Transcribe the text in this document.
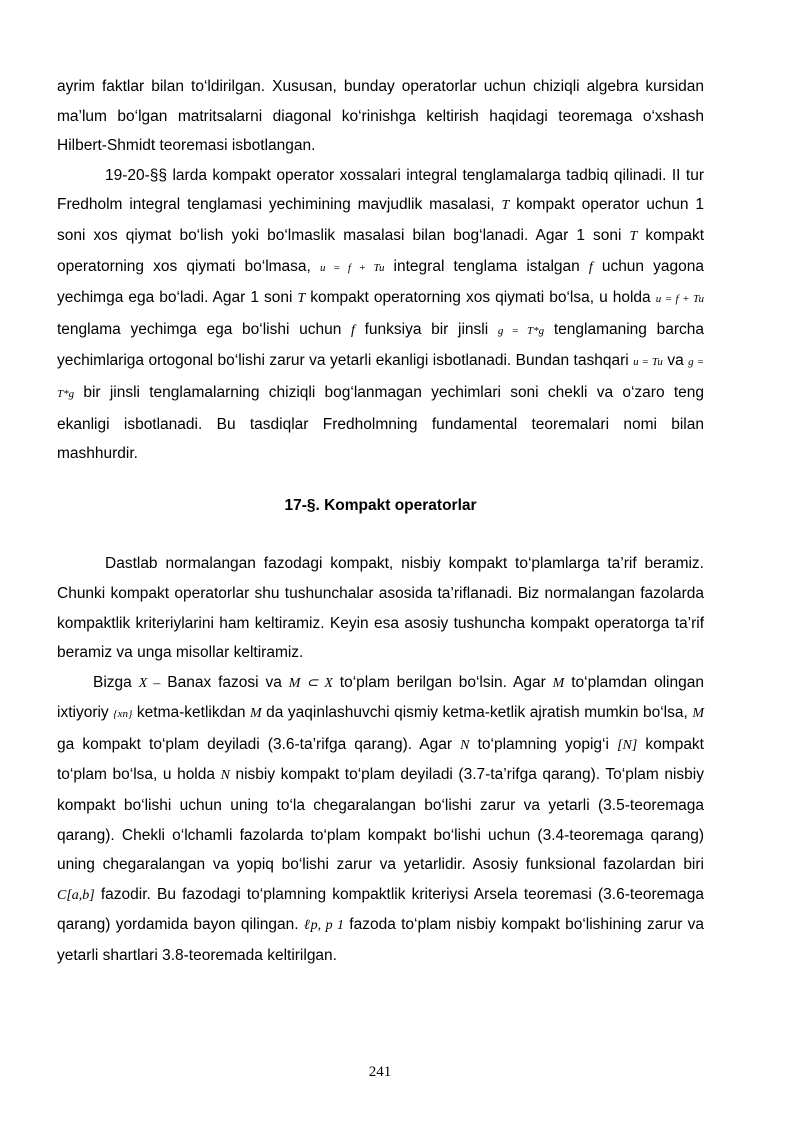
ayrim faktlar bilan to‘ldirilgan. Xususan, bunday operatorlar uchun chiziqli algebra kursidan ma’lum bo‘lgan matritsalarni diagonal ko‘rinishga keltirish haqidagi teoremaga o‘xshash Hilbert-Shmidt teoremasi isbotlangan.

19-20-§§ larda kompakt operator xossalari integral tenglamalarga tadbiq qilinadi. II tur Fredholm integral tenglamasi yechimining mavjudlik masalasi, T kompakt operator uchun 1 soni xos qiymat bo‘lish yoki bo‘lmaslik masalasi bilan bog‘lanadi. Agar 1 soni T kompakt operatorning xos qiymati bo‘lmasa, u = f + Tu integral tenglama istalgan f uchun yagona yechimga ega bo‘ladi. Agar 1 soni T kompakt operatorning xos qiymati bo‘lsa, u holda u = f + Tu tenglama yechimga ega bo‘lishi uchun f funksiya bir jinsli g = T*g tenglamaning barcha yechimlariga ortogonal bo‘lishi zarur va yetarli ekanligi isbotlanadi. Bundan tashqari u = Tu va g = T*g bir jinsli tenglamalarning chiziqli bog‘lanmagan yechimlari soni chekli va o‘zaro teng ekanligi isbotlanadi. Bu tasdiqlar Fredholmning fundamental teoremalari nomi bilan mashhurdir.

17-§. Kompakt operatorlar

Dastlab normalangan fazodagi kompakt, nisbiy kompakt to‘plamlarga ta’rif beramiz. Chunki kompakt operatorlar shu tushunchalar asosida ta’riflanadi. Biz normalangan fazolarda kompaktlik kriteriylarini ham keltiramiz. Keyin esa asosiy tushuncha kompakt operatorga ta’rif beramiz va unga misollar keltiramiz.

Bizga X – Banax fazosi va M ⊂ X to‘plam berilgan bo‘lsin. Agar M to‘plamdan olingan ixtiyoriy {xn} ketma-ketlikdan M da yaqinlashuvchi qismiy ketma-ketlik ajratish mumkin bo‘lsa, M ga kompakt to‘plam deyiladi (3.6-ta’rifga qarang). Agar N to‘plamning yopig‘i [N] kompakt to‘plam bo‘lsa, u holda N nisbiy kompakt to‘plam deyiladi (3.7-ta’rifga qarang). To‘plam nisbiy kompakt bo‘lishi uchun uning to‘la chegaralangan bo‘lishi zarur va yetarli (3.5-teoremaga qarang). Chekli o‘lchamli fazolarda to‘plam kompakt bo‘lishi uchun (3.4-teoremaga qarang) uning chegaralangan va yopiq bo‘lishi zarur va yetarlidir. Asosiy funksional fazolardan biri C[a,b] fazodir. Bu fazodagi to‘plamning kompaktlik kriteriysi Arsela teoremasi (3.6-teoremaga qarang) yordamida bayon qilingan. ℓp, p 1 fazoda to‘plam nisbiy kompakt bo‘lishining zarur va yetarli shartlari 3.8-teoremada keltirilgan.

241
